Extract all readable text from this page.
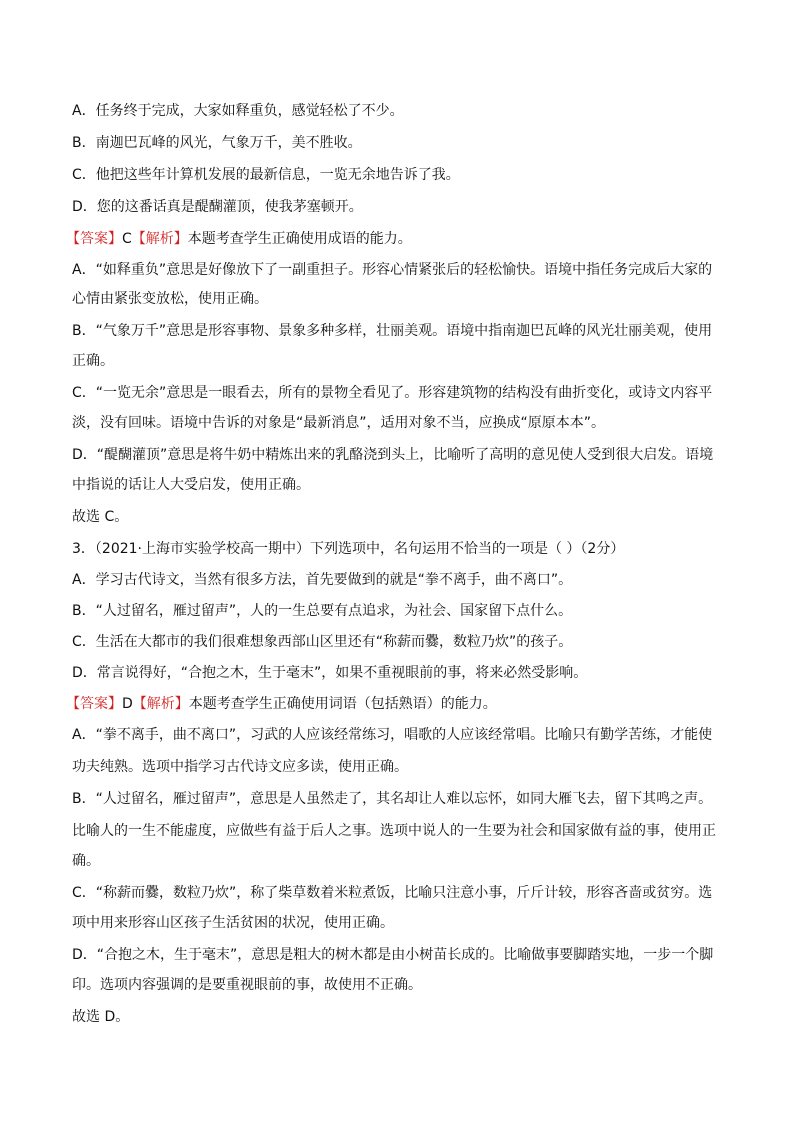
A．任务终于完成，大家如释重负，感觉轻松了不少。
B．南迦巴瓦峰的风光，气象万千，美不胜收。
C．他把这些年计算机发展的最新信息，一览无余地告诉了我。
D．您的这番话真是醍醐灌顶，使我茅塞顿开。
【答案】C【解析】本题考查学生正确使用成语的能力。
A．“如释重负”意思是好像放下了一副重担子。形容心情紧张后的轻松愉快。语境中指任务完成后大家的
心情由紧张变放松，使用正确。
B．“气象万千”意思是形容事物、景象多种多样，壮丽美观。语境中指南迦巴瓦峰的风光壮丽美观，使用
正确。
C．“一览无余”意思是一眼看去，所有的景物全看见了。形容建筑物的结构没有曲折变化，或诗文内容平
淡，没有回味。语境中告诉的对象是“最新消息”，适用对象不当，应换成“原原本本”。
D．“醍醐灌顶”意思是将牛奶中精炼出来的乳酪浇到头上，比喻听了高明的意见使人受到很大启发。语境
中指说的话让人大受启发，使用正确。
故选 C。
3．（2021·上海市实验学校高一期中）下列选项中，名句运用不恰当的一项是（ ）（2分）
A．学习古代诗文，当然有很多方法，首先要做到的就是“拳不离手，曲不离口”。
B．“人过留名，雁过留声”，人的一生总要有点追求，为社会、国家留下点什么。
C．生活在大都市的我们很难想象西部山区里还有“称薪而爨，数粒乃炊”的孩子。
D．常言说得好，“合抱之木，生于毫末”，如果不重视眼前的事，将来必然受影响。
【答案】D【解析】本题考查学生正确使用词语（包括熟语）的能力。
A．“拳不离手，曲不离口”，习武的人应该经常练习，唱歌的人应该经常唱。比喻只有勤学苦练，才能使
功夫纯熟。选项中指学习古代诗文应多读，使用正确。
B．“人过留名，雁过留声”，意思是人虽然走了，其名却让人难以忘怀，如同大雁飞去，留下其鸣之声。
比喻人的一生不能虚度，应做些有益于后人之事。选项中说人的一生要为社会和国家做有益的事，使用正
确。
C．“称薪而爨，数粒乃炊”，称了柴草数着米粒煮饭，比喻只注意小事，斤斤计较，形容吝啬或贫穷。选
项中用来形容山区孩子生活贫困的状况，使用正确。
D．“合抱之木，生于毫末”，意思是粗大的树木都是由小树苗长成的。比喻做事要脚踏实地，一步一个脚
印。选项内容强调的是要重视眼前的事，故使用不正确。
故选 D。
